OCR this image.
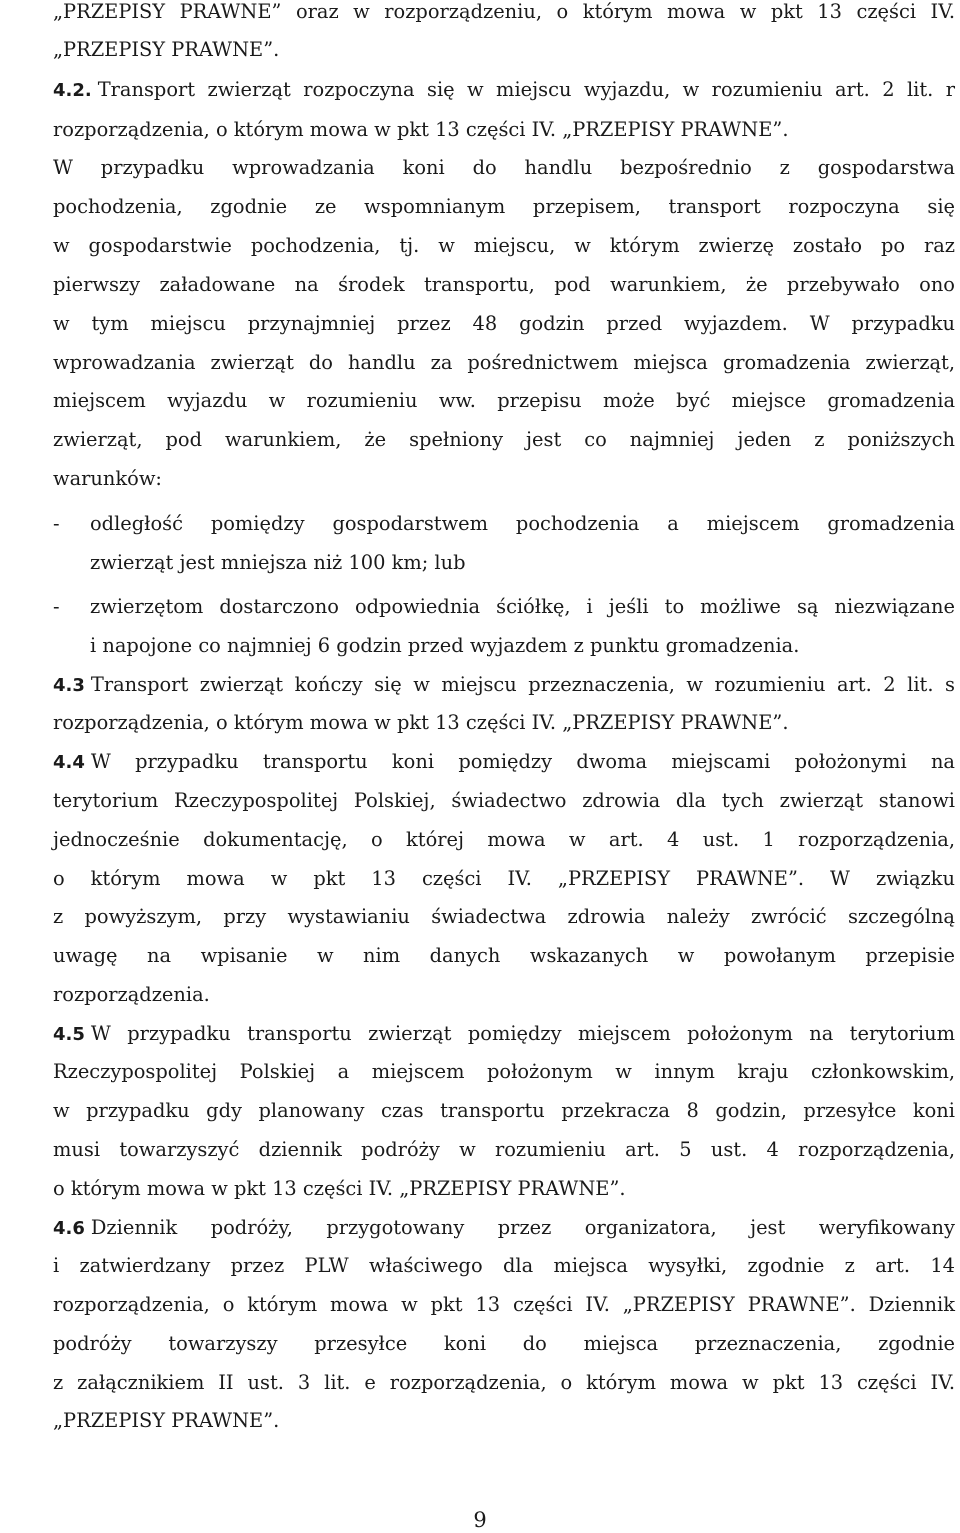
„PRZEPISY PRAWNE” oraz w rozporządzeniu, o którym mowa w pkt 13 części IV.
„PRZEPISY PRAWNE”.
4.2. Transport zwierząt rozpoczyna się w miejscu wyjazdu, w rozumieniu art. 2 lit. r
rozporządzenia, o którym mowa w pkt 13 części IV. „PRZEPISY PRAWNE”.
W przypadku wprowadzania koni do handlu bezpośrednio z gospodarstwa
pochodzenia, zgodnie ze wspomnianym przepisem, transport rozpoczyna się
w gospodarstwie pochodzenia, tj. w miejscu, w którym zwierzę zostało po raz
pierwszy załadowane na środek transportu, pod warunkiem, że przebywało ono
w tym miejscu przynajmniej przez 48 godzin przed wyjazdem. W przypadku
wprowadzania zwierząt do handlu za pośrednictwem miejsca gromadzenia zwierząt,
miejscem wyjazdu w rozumieniu ww. przepisu może być miejsce gromadzenia
zwierząt, pod warunkiem, że spełniony jest co najmniej jeden z poniższych
warunków:
- odległość pomiędzy gospodarstwem pochodzenia a miejscem gromadzenia
zwierząt jest mniejsza niż 100 km; lub
- zwierzętom dostarczono odpowiednia ściółkę, i jeśli to możliwe są niezwiązane
i napojone co najmniej 6 godzin przed wyjazdem z punktu gromadzenia.
4.3 Transport zwierząt kończy się w miejscu przeznaczenia, w rozumieniu art. 2 lit. s
rozporządzenia, o którym mowa w pkt 13 części IV. „PRZEPISY PRAWNE”.
4.4 W przypadku transportu koni pomiędzy dwoma miejscami położonymi na
terytorium Rzeczypospolitej Polskiej, świadectwo zdrowia dla tych zwierząt stanowi
jednocześnie dokumentację, o której mowa w art. 4 ust. 1 rozporządzenia,
o którym mowa w pkt 13 części IV. „PRZEPISY PRAWNE”. W związku
z powyższym, przy wystawianiu świadectwa zdrowia należy zwrócić szczególną
uwagę na wpisanie w nim danych wskazanych w powołanym przepisie
rozporządzenia.
4.5 W przypadku transportu zwierząt pomiędzy miejscem położonym na terytorium
Rzeczypospolitej Polskiej a miejscem położonym w innym kraju członkowskim,
w przypadku gdy planowany czas transportu przekracza 8 godzin, przesyłce koni
musi towarzyszyć dziennik podróży w rozumieniu art. 5 ust. 4 rozporządzenia,
o którym mowa w pkt 13 części IV. „PRZEPISY PRAWNE”.
4.6 Dziennik podróży, przygotowany przez organizatora, jest weryfikowany
i zatwierdzany przez PLW właściwego dla miejsca wysyłki, zgodnie z art. 14
rozporządzenia, o którym mowa w pkt 13 części IV. „PRZEPISY PRAWNE”. Dziennik
podróży towarzyszy przesyłce koni do miejsca przeznaczenia, zgodnie
z załącznikiem II ust. 3 lit. e rozporządzenia, o którym mowa w pkt 13 części IV.
„PRZEPISY PRAWNE”.
9
